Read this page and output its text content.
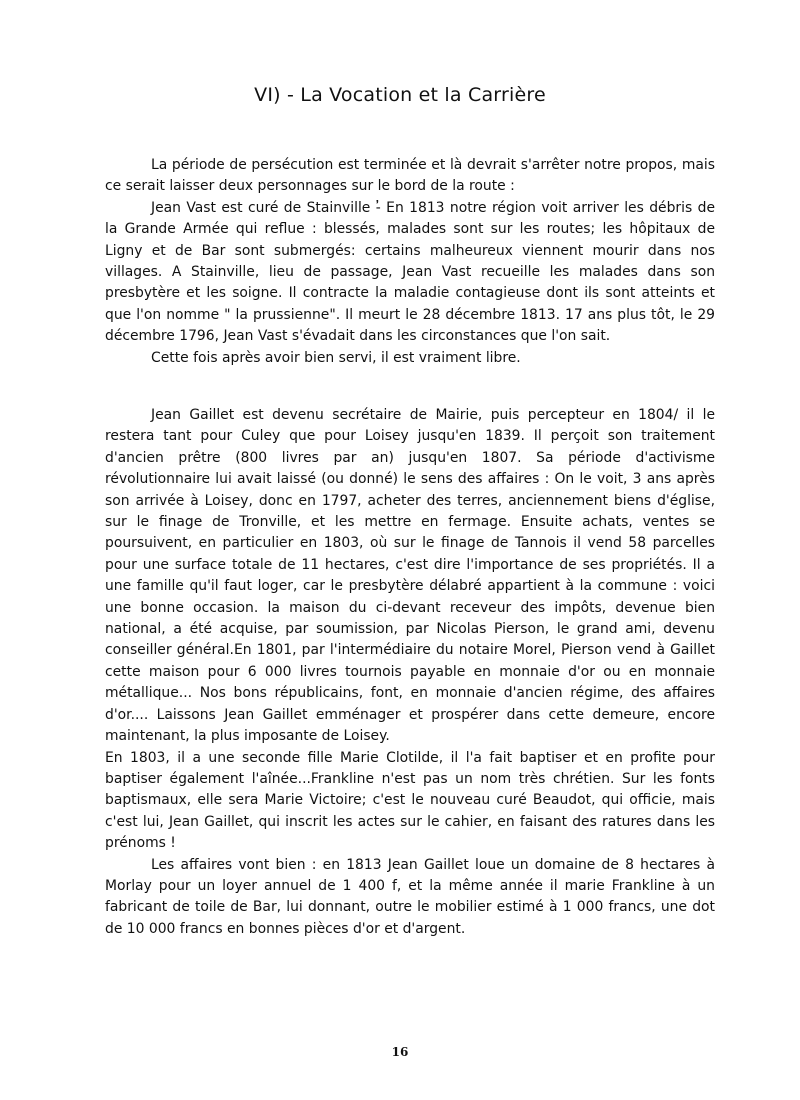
VI) - La Vocation et la Carrière

La période de persécution est terminée et là devrait s'arrêter notre propos, mais ce serait laisser deux personnages sur le bord de la route :

Jean Vast est curé de Stainville -̓ En 1813 notre région voit arriver les débris de la Grande Armée qui reflue : blessés, malades sont sur les routes; les hôpitaux de Ligny et de Bar sont submergés: certains malheureux viennent mourir dans nos villages. A Stainville, lieu de passage, Jean Vast recueille les malades dans son presbytère et les soigne. Il contracte la maladie contagieuse dont ils sont atteints et que l'on nomme " la prussienne". Il meurt le 28 décembre 1813. 17 ans plus tôt, le 29 décembre 1796, Jean Vast s'évadait dans les circonstances que l'on sait.

Cette fois après avoir bien servi, il est vraiment libre.

Jean Gaillet est devenu secrétaire de Mairie, puis percepteur en 1804/ il le restera tant pour Culey que pour Loisey jusqu'en 1839. Il perçoit son traitement d'ancien prêtre (800 livres par an) jusqu'en 1807. Sa période d'activisme révolutionnaire lui avait laissé (ou donné) le sens des affaires : On le voit, 3 ans après son arrivée à Loisey, donc en 1797, acheter des terres, anciennement biens d'église, sur le finage de Tronville, et les mettre en fermage. Ensuite achats, ventes se poursuivent, en particulier en 1803, où sur le finage de Tannois il vend 58 parcelles pour une surface totale de 11 hectares, c'est dire l'importance de ses propriétés. Il a une famille qu'il faut loger, car le presbytère délabré appartient à la commune : voici une bonne occasion. la maison du ci-devant receveur des impôts, devenue bien national, a été acquise, par soumission, par Nicolas Pierson, le grand ami, devenu conseiller général.En 1801, par l'intermédiaire du notaire Morel, Pierson vend à Gaillet cette maison pour 6 000 livres tournois payable en monnaie d'or ou en monnaie métallique... Nos bons républicains, font, en monnaie d'ancien régime, des affaires d'or.... Laissons Jean Gaillet emménager et prospérer dans cette demeure, encore maintenant, la plus imposante de Loisey.

En 1803, il a une seconde fille Marie Clotilde, il l'a fait baptiser et en profite pour baptiser également l'aînée...Frankline n'est pas un nom très chrétien. Sur les fonts baptismaux, elle sera Marie Victoire; c'est le nouveau curé Beaudot, qui officie, mais c'est lui, Jean Gaillet, qui inscrit les actes sur le cahier, en faisant des ratures dans les prénoms !

Les affaires vont bien : en 1813 Jean Gaillet loue un domaine de 8 hectares à Morlay pour un loyer annuel de 1 400 f, et la même année il marie Frankline à un fabricant de toile de Bar, lui donnant, outre le mobilier estimé à 1 000 francs, une dot de 10 000 francs en bonnes pièces d'or et d'argent.

16
